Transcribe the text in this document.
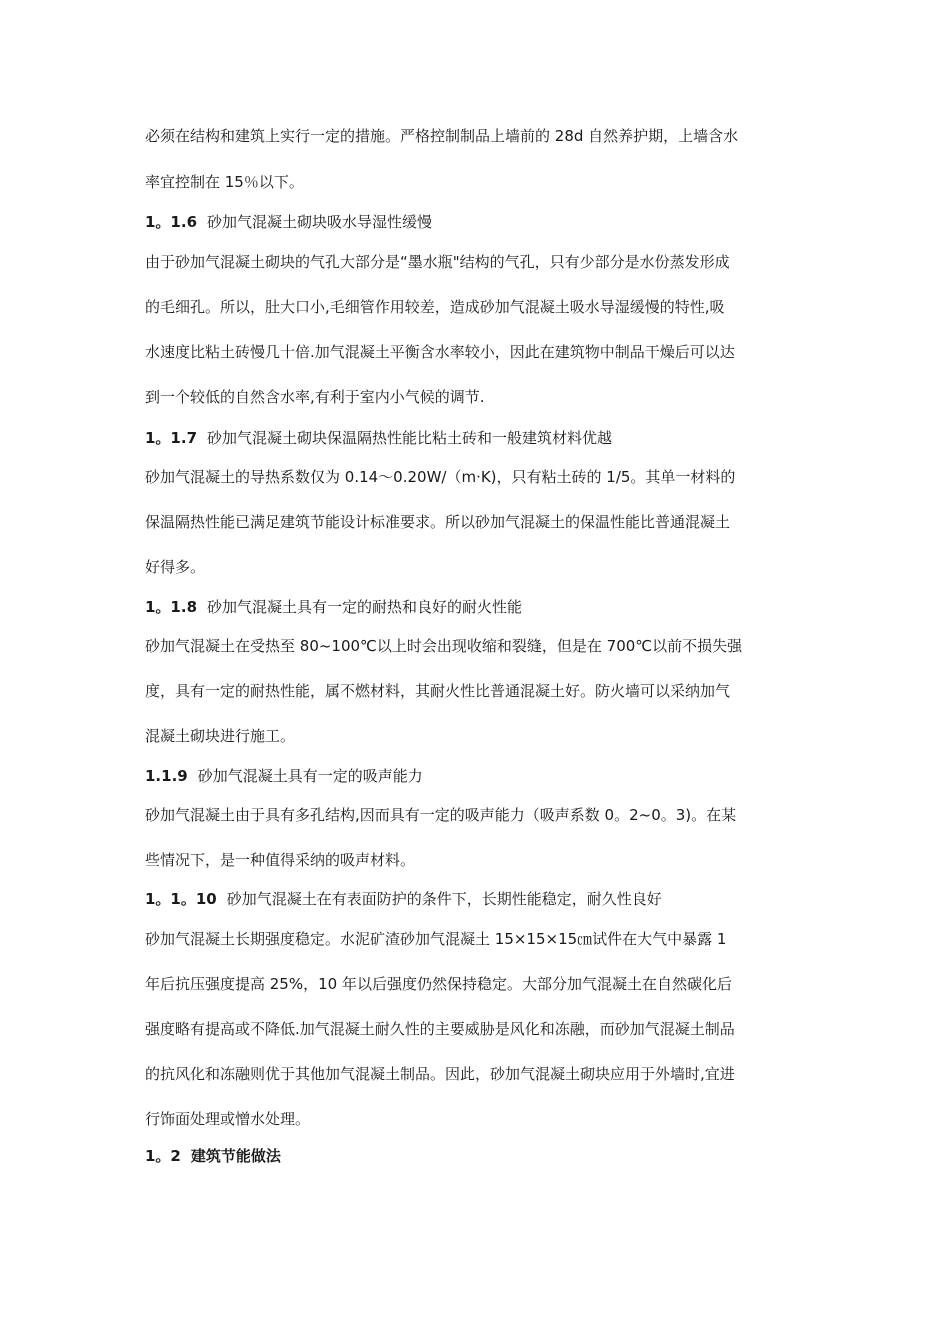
必须在结构和建筑上实行一定的措施。严格控制制品上墙前的 28d 自然养护期，上墙含水
率宜控制在 15％以下。
1。1.6 砂加气混凝土砌块吸水导湿性缓慢
由于砂加气混凝土砌块的气孔大部分是“墨水瓶"结构的气孔，只有少部分是水份蒸发形成
的毛细孔。所以，肚大口小,毛细管作用较差，造成砂加气混凝土吸水导湿缓慢的特性,吸
水速度比粘土砖慢几十倍.加气混凝土平衡含水率较小，因此在建筑物中制品干燥后可以达
到一个较低的自然含水率,有利于室内小气候的调节.
1。1.7 砂加气混凝土砌块保温隔热性能比粘土砖和一般建筑材料优越
砂加气混凝土的导热系数仅为 0.14～0.20W/（m·K)，只有粘土砖的 1/5。其单一材料的
保温隔热性能已满足建筑节能设计标准要求。所以砂加气混凝土的保温性能比普通混凝土
好得多。
1。1.8 砂加气混凝土具有一定的耐热和良好的耐火性能
砂加气混凝土在受热至 80~100℃以上时会出现收缩和裂缝，但是在 700℃以前不损失强
度，具有一定的耐热性能，属不燃材料，其耐火性比普通混凝土好。防火墙可以采纳加气
混凝土砌块进行施工。
1.1.9 砂加气混凝土具有一定的吸声能力
砂加气混凝土由于具有多孔结构,因而具有一定的吸声能力（吸声系数 0。2~0。3)。在某
些情况下，是一种值得采纳的吸声材料。
1。1。10 砂加气混凝土在有表面防护的条件下，长期性能稳定，耐久性良好
砂加气混凝土长期强度稳定。水泥矿渣砂加气混凝土 15×15×15㎝试件在大气中暴露 1
年后抗压强度提高 25%，10 年以后强度仍然保持稳定。大部分加气混凝土在自然碳化后
强度略有提高或不降低.加气混凝土耐久性的主要威胁是风化和冻融，而砂加气混凝土制品
的抗风化和冻融则优于其他加气混凝土制品。因此，砂加气混凝土砌块应用于外墙时,宜进
行饰面处理或憎水处理。
1。2 建筑节能做法
